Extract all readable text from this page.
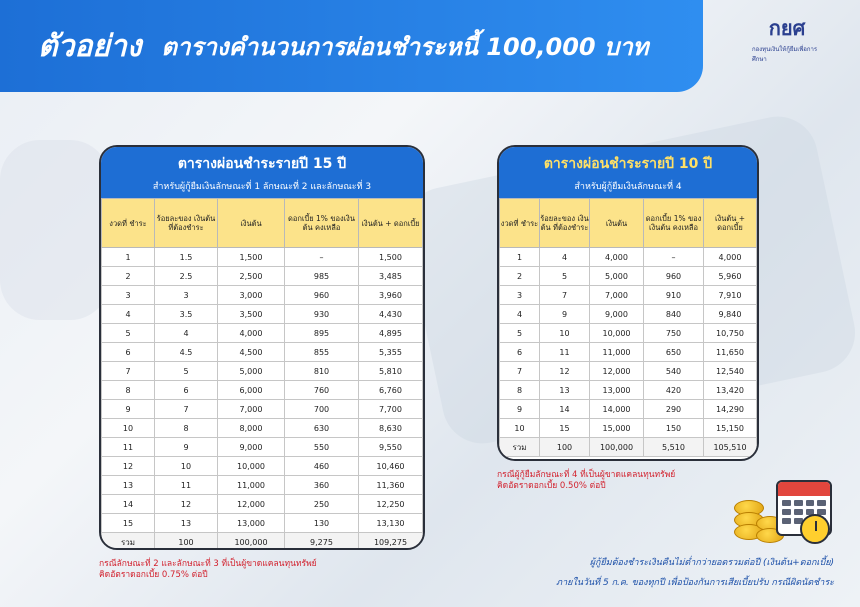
ตัวอย่าง ตารางคำนวนการผ่อนชำระหนี้ 100,000 บาท
กยศ
กองทุนเงินให้กู้ยืมเพื่อการศึกษา
ตารางผ่อนชำระรายปี 15 ปี
สำหรับผู้กู้ยืมเงินลักษณะที่ 1 ลักษณะที่ 2 และลักษณะที่ 3
งวดที่ ชำระ	ร้อยละของ เงินต้น ที่ต้องชำระ	เงินต้น	ดอกเบี้ย 1% ของเงินต้น คงเหลือ	เงินต้น + ดอกเบี้ย
1	1.5	1,500	–	1,500
2	2.5	2,500	985	3,485
3	3	3,000	960	3,960
4	3.5	3,500	930	4,430
5	4	4,000	895	4,895
6	4.5	4,500	855	5,355
7	5	5,000	810	5,810
8	6	6,000	760	6,760
9	7	7,000	700	7,700
10	8	8,000	630	8,630
11	9	9,000	550	9,550
12	10	10,000	460	10,460
13	11	11,000	360	11,360
14	12	12,000	250	12,250
15	13	13,000	130	13,130
รวม	100	100,000	9,275	109,275
กรณีลักษณะที่ 2 และลักษณะที่ 3 ที่เป็นผู้ขาดแคลนทุนทรัพย์
คิดอัตราดอกเบี้ย 0.75% ต่อปี
ตารางผ่อนชำระรายปี 10 ปี
สำหรับผู้กู้ยืมเงินลักษณะที่ 4
งวดที่ ชำระ	ร้อยละของ เงินต้น ที่ต้องชำระ	เงินต้น	ดอกเบี้ย 1% ของเงินต้น คงเหลือ	เงินต้น + ดอกเบี้ย
1	4	4,000	–	4,000
2	5	5,000	960	5,960
3	7	7,000	910	7,910
4	9	9,000	840	9,840
5	10	10,000	750	10,750
6	11	11,000	650	11,650
7	12	12,000	540	12,540
8	13	13,000	420	13,420
9	14	14,000	290	14,290
10	15	15,000	150	15,150
รวม	100	100,000	5,510	105,510
กรณีผู้กู้ยืมลักษณะที่ 4 ที่เป็นผู้ขาดแคลนทุนทรัพย์
คิดอัตราดอกเบี้ย 0.50% ต่อปี
ผู้กู้ยืมต้องชำระเงินคืนไม่ต่ำกว่ายอดรวมต่อปี (เงินต้น+ดอกเบี้ย)
ภายในวันที่ 5 ก.ค. ของทุกปี เพื่อป้องกันการเสียเบี้ยปรับ กรณีผิดนัดชำระ
